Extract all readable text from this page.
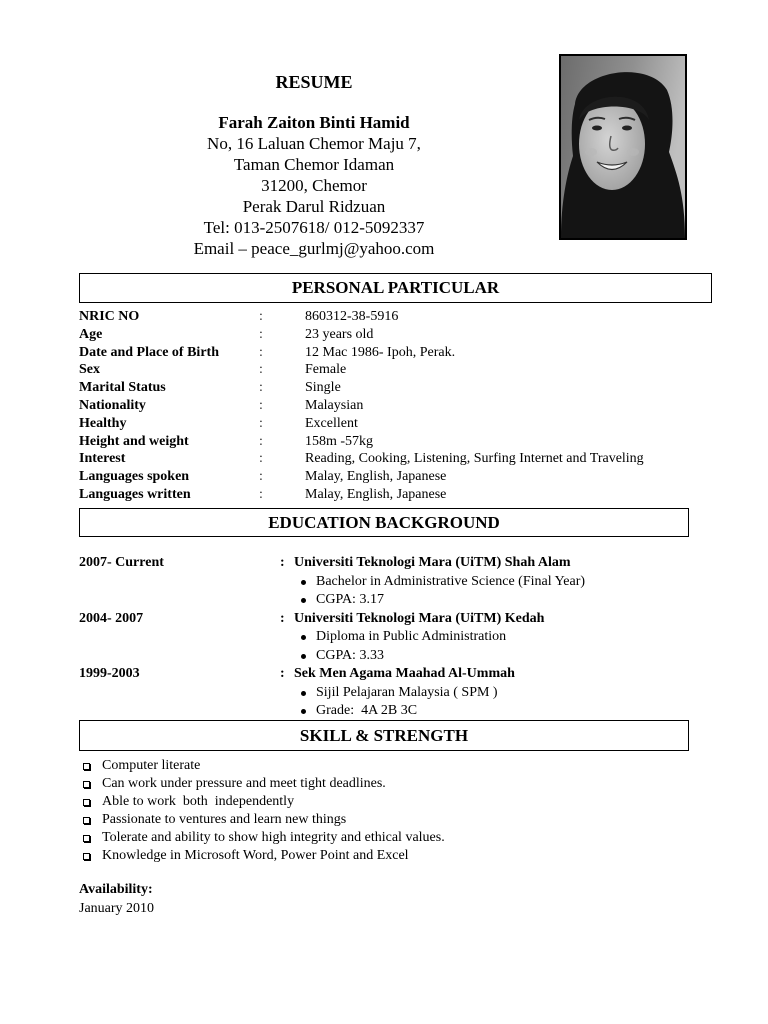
RESUME
Farah Zaiton Binti Hamid
No, 16 Laluan Chemor Maju 7,
Taman Chemor Idaman
31200, Chemor
Perak Darul Ridzuan
Tel: 013-2507618/ 012-5092337
Email – peace_gurlmj@yahoo.com
PERSONAL PARTICULAR
NRIC NO	:	860312-38-5916
Age	:	23 years old
Date and Place of Birth	:	12 Mac 1986- Ipoh, Perak.
Sex	:	Female
Marital Status	:	Single
Nationality	:	Malaysian
Healthy	:	Excellent
Height and weight	:	158m -57kg
Interest	:	Reading, Cooking, Listening, Surfing Internet and Traveling
Languages spoken	:	Malay, English, Japanese
Languages written	:	Malay, English, Japanese
EDUCATION BACKGROUND
2007- Current	: Universiti Teknologi Mara (UiTM) Shah Alam
Bachelor in Administrative Science (Final Year)
CGPA: 3.17
2004- 2007	: Universiti Teknologi Mara (UiTM) Kedah
Diploma in Public Administration
CGPA: 3.33
1999-2003	: Sek Men Agama Maahad Al-Ummah
Sijil Pelajaran Malaysia ( SPM )
Grade:  4A 2B 3C
SKILL & STRENGTH
Computer literate
Can work under pressure and meet tight deadlines.
Able to work  both  independently
Passionate to ventures and learn new things
Tolerate and ability to show high integrity and ethical values.
Knowledge in Microsoft Word, Power Point and Excel
Availability:
January 2010
